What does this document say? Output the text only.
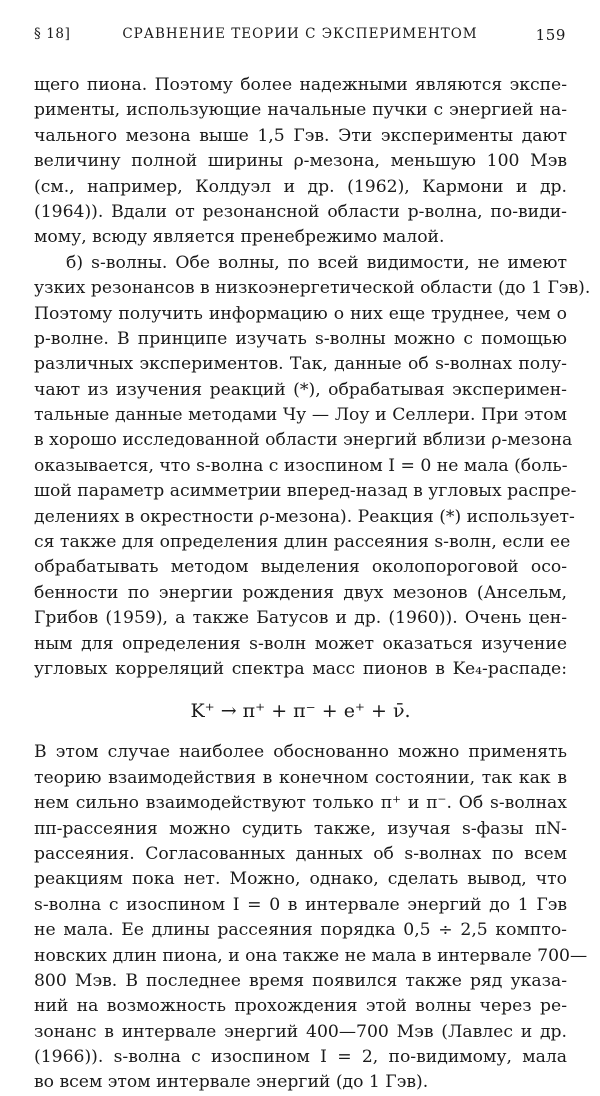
§ 18]	СРАВНЕНИЕ ТЕОРИИ С ЭКСПЕРИМЕНТОМ	159
щего пиона. Поэтому более надежными являются экспе-
рименты, использующие начальные пучки с энергией на-
чального мезона выше 1,5 Гэв. Эти эксперименты дают
величину полной ширины ρ-мезона, меньшую 100 Мэв
(см., например, Колдуэл и др. (1962), Кармони и др.
(1964)). Вдали от резонансной области p-волна, по-види-
мому, всюду является пренебрежимо малой.
б) s-волны. Обе волны, по всей видимости, не имеют
узких резонансов в низкоэнергетической области (до 1 Гэв).
Поэтому получить информацию о них еще труднее, чем о
p-волне. В принципе изучать s-волны можно с помощью
различных экспериментов. Так, данные об s-волнах полу-
чают из изучения реакций (*), обрабатывая эксперимен-
тальные данные методами Чу — Лоу и Селлери. При этом
в хорошо исследованной области энергий вблизи ρ-мезона
оказывается, что s-волна с изоспином I = 0 не мала (боль-
шой параметр асимметрии вперед-назад в угловых распре-
делениях в окрестности ρ-мезона). Реакция (*) использует-
ся также для определения длин рассеяния s-волн, если ее
обрабатывать методом выделения околопороговой осо-
бенности по энергии рождения двух мезонов (Ансельм,
Грибов (1959), а также Батусов и др. (1960)). Очень цен-
ным для определения s-волн может оказаться изучение
угловых корреляций спектра масс пионов в Ke₄-распаде:
K⁺ → π⁺ + π⁻ + e⁺ + ν̄.
В этом случае наиболее обоснованно можно применять
теорию взаимодействия в конечном состоянии, так как в
нем сильно взаимодействуют только π⁺ и π⁻. Об s-волнах
ππ-рассеяния можно судить также, изучая s-фазы πN-
рассеяния. Согласованных данных об s-волнах по всем
реакциям пока нет. Можно, однако, сделать вывод, что
s-волна с изоспином I = 0 в интервале энергий до 1 Гэв
не мала. Ее длины рассеяния порядка 0,5 ÷ 2,5 компто-
новских длин пиона, и она также не мала в интервале 700—
800 Мэв. В последнее время появился также ряд указа-
ний на возможность прохождения этой волны через ре-
зонанс в интервале энергий 400—700 Мэв (Лавлес и др.
(1966)). s-волна с изоспином I = 2, по-видимому, мала
во всем этом интервале энергий (до 1 Гэв).
